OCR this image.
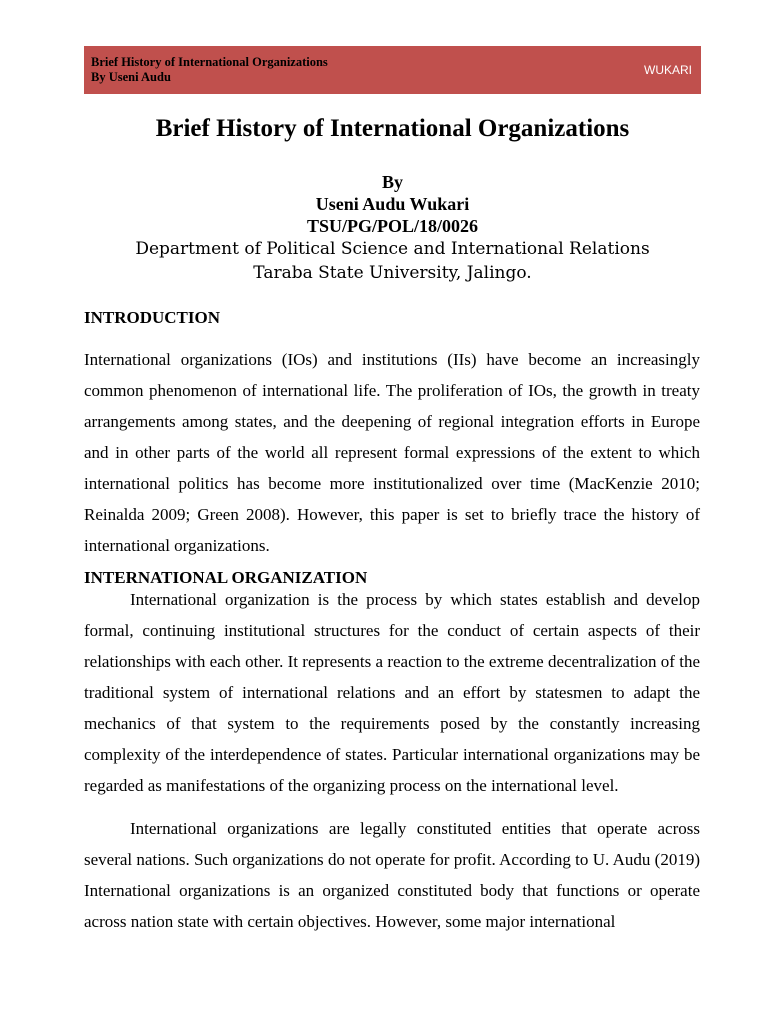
Brief History of International Organizations
By Useni Audu	WUKARI
Brief History of International Organizations
By
Useni Audu Wukari
TSU/PG/POL/18/0026
Department of Political Science and International Relations
Taraba State University, Jalingo.
INTRODUCTION

International organizations (IOs) and institutions (IIs) have become an increasingly common phenomenon of international life. The proliferation of IOs, the growth in treaty arrangements among states, and the deepening of regional integration efforts in Europe and in other parts of the world all represent formal expressions of the extent to which international politics has become more institutionalized over time (MacKenzie 2010; Reinalda 2009; Green 2008). However, this paper is set to briefly trace the history of international organizations.

INTERNATIONAL ORGANIZATION

International organization is the process by which states establish and develop formal, continuing institutional structures for the conduct of certain aspects of their relationships with each other. It represents a reaction to the extreme decentralization of the traditional system of international relations and an effort by statesmen to adapt the mechanics of that system to the requirements posed by the constantly increasing complexity of the interdependence of states. Particular international organizations may be regarded as manifestations of the organizing process on the international level.

International organizations are legally constituted entities that operate across several nations. Such organizations do not operate for profit. According to U. Audu (2019) International organizations is an organized constituted body that functions or operate across nation state with certain objectives. However, some major international
